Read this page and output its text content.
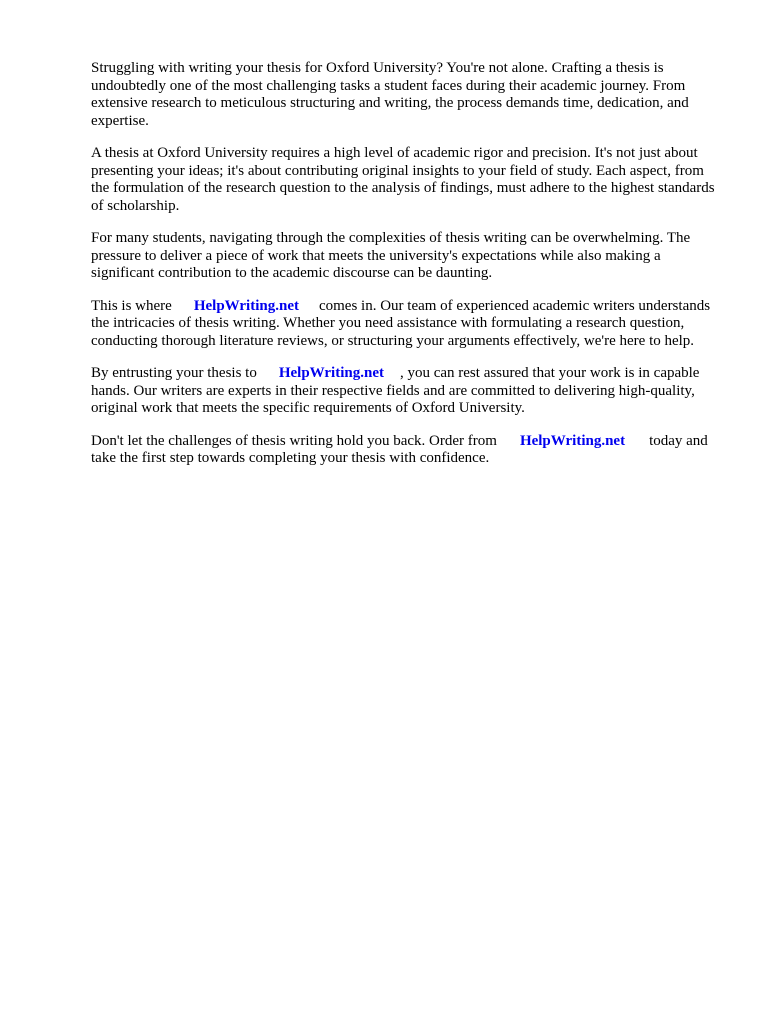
Struggling with writing your thesis for Oxford University? You're not alone. Crafting a thesis is undoubtedly one of the most challenging tasks a student faces during their academic journey. From extensive research to meticulous structuring and writing, the process demands time, dedication, and expertise.

A thesis at Oxford University requires a high level of academic rigor and precision. It's not just about presenting your ideas; it's about contributing original insights to your field of study. Each aspect, from the formulation of the research question to the analysis of findings, must adhere to the highest standards of scholarship.

For many students, navigating through the complexities of thesis writing can be overwhelming. The pressure to deliver a piece of work that meets the university's expectations while also making a significant contribution to the academic discourse can be daunting.

This is where HelpWriting.net comes in. Our team of experienced academic writers understands the intricacies of thesis writing. Whether you need assistance with formulating a research question, conducting thorough literature reviews, or structuring your arguments effectively, we're here to help.

By entrusting your thesis to HelpWriting.net , you can rest assured that your work is in capable hands. Our writers are experts in their respective fields and are committed to delivering high-quality, original work that meets the specific requirements of Oxford University.

Don't let the challenges of thesis writing hold you back. Order from HelpWriting.net today and take the first step towards completing your thesis with confidence.
